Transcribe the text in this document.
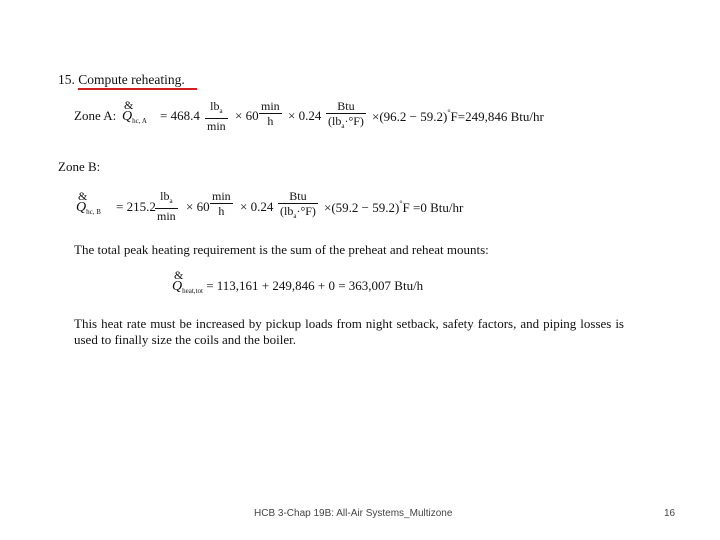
15. Compute reheating.
Zone A:
&
$Q_{hc, A} = 468.4$
$lb_a$
min
× 60
min
h	× 0.24
Btu
$(lb_a\cdot^\circ F) \times(96.2 - 59.2)^\circ F=249,846$ Btu/hr
Zone B:
&
$Q_{hc, B} = 215.2$
$lb_a$
min
× 60
min
h	× 0.24
Btu
$(lb_a\cdot^\circ F) \times(59.2 - 59.2)^\circ F =0$ Btu/hr
The total peak heating requirement is the sum of the preheat and reheat mounts:
&
$Q_{heat,tot} = 113,161 + 249,846 + 0 = 363,007$ Btu/h
This heat rate must be increased by pickup loads from night setback, safety factors, and piping losses is used to finally size the coils and the boiler.
HCB 3-Chap 19B: All-Air Systems_Multizone	16
